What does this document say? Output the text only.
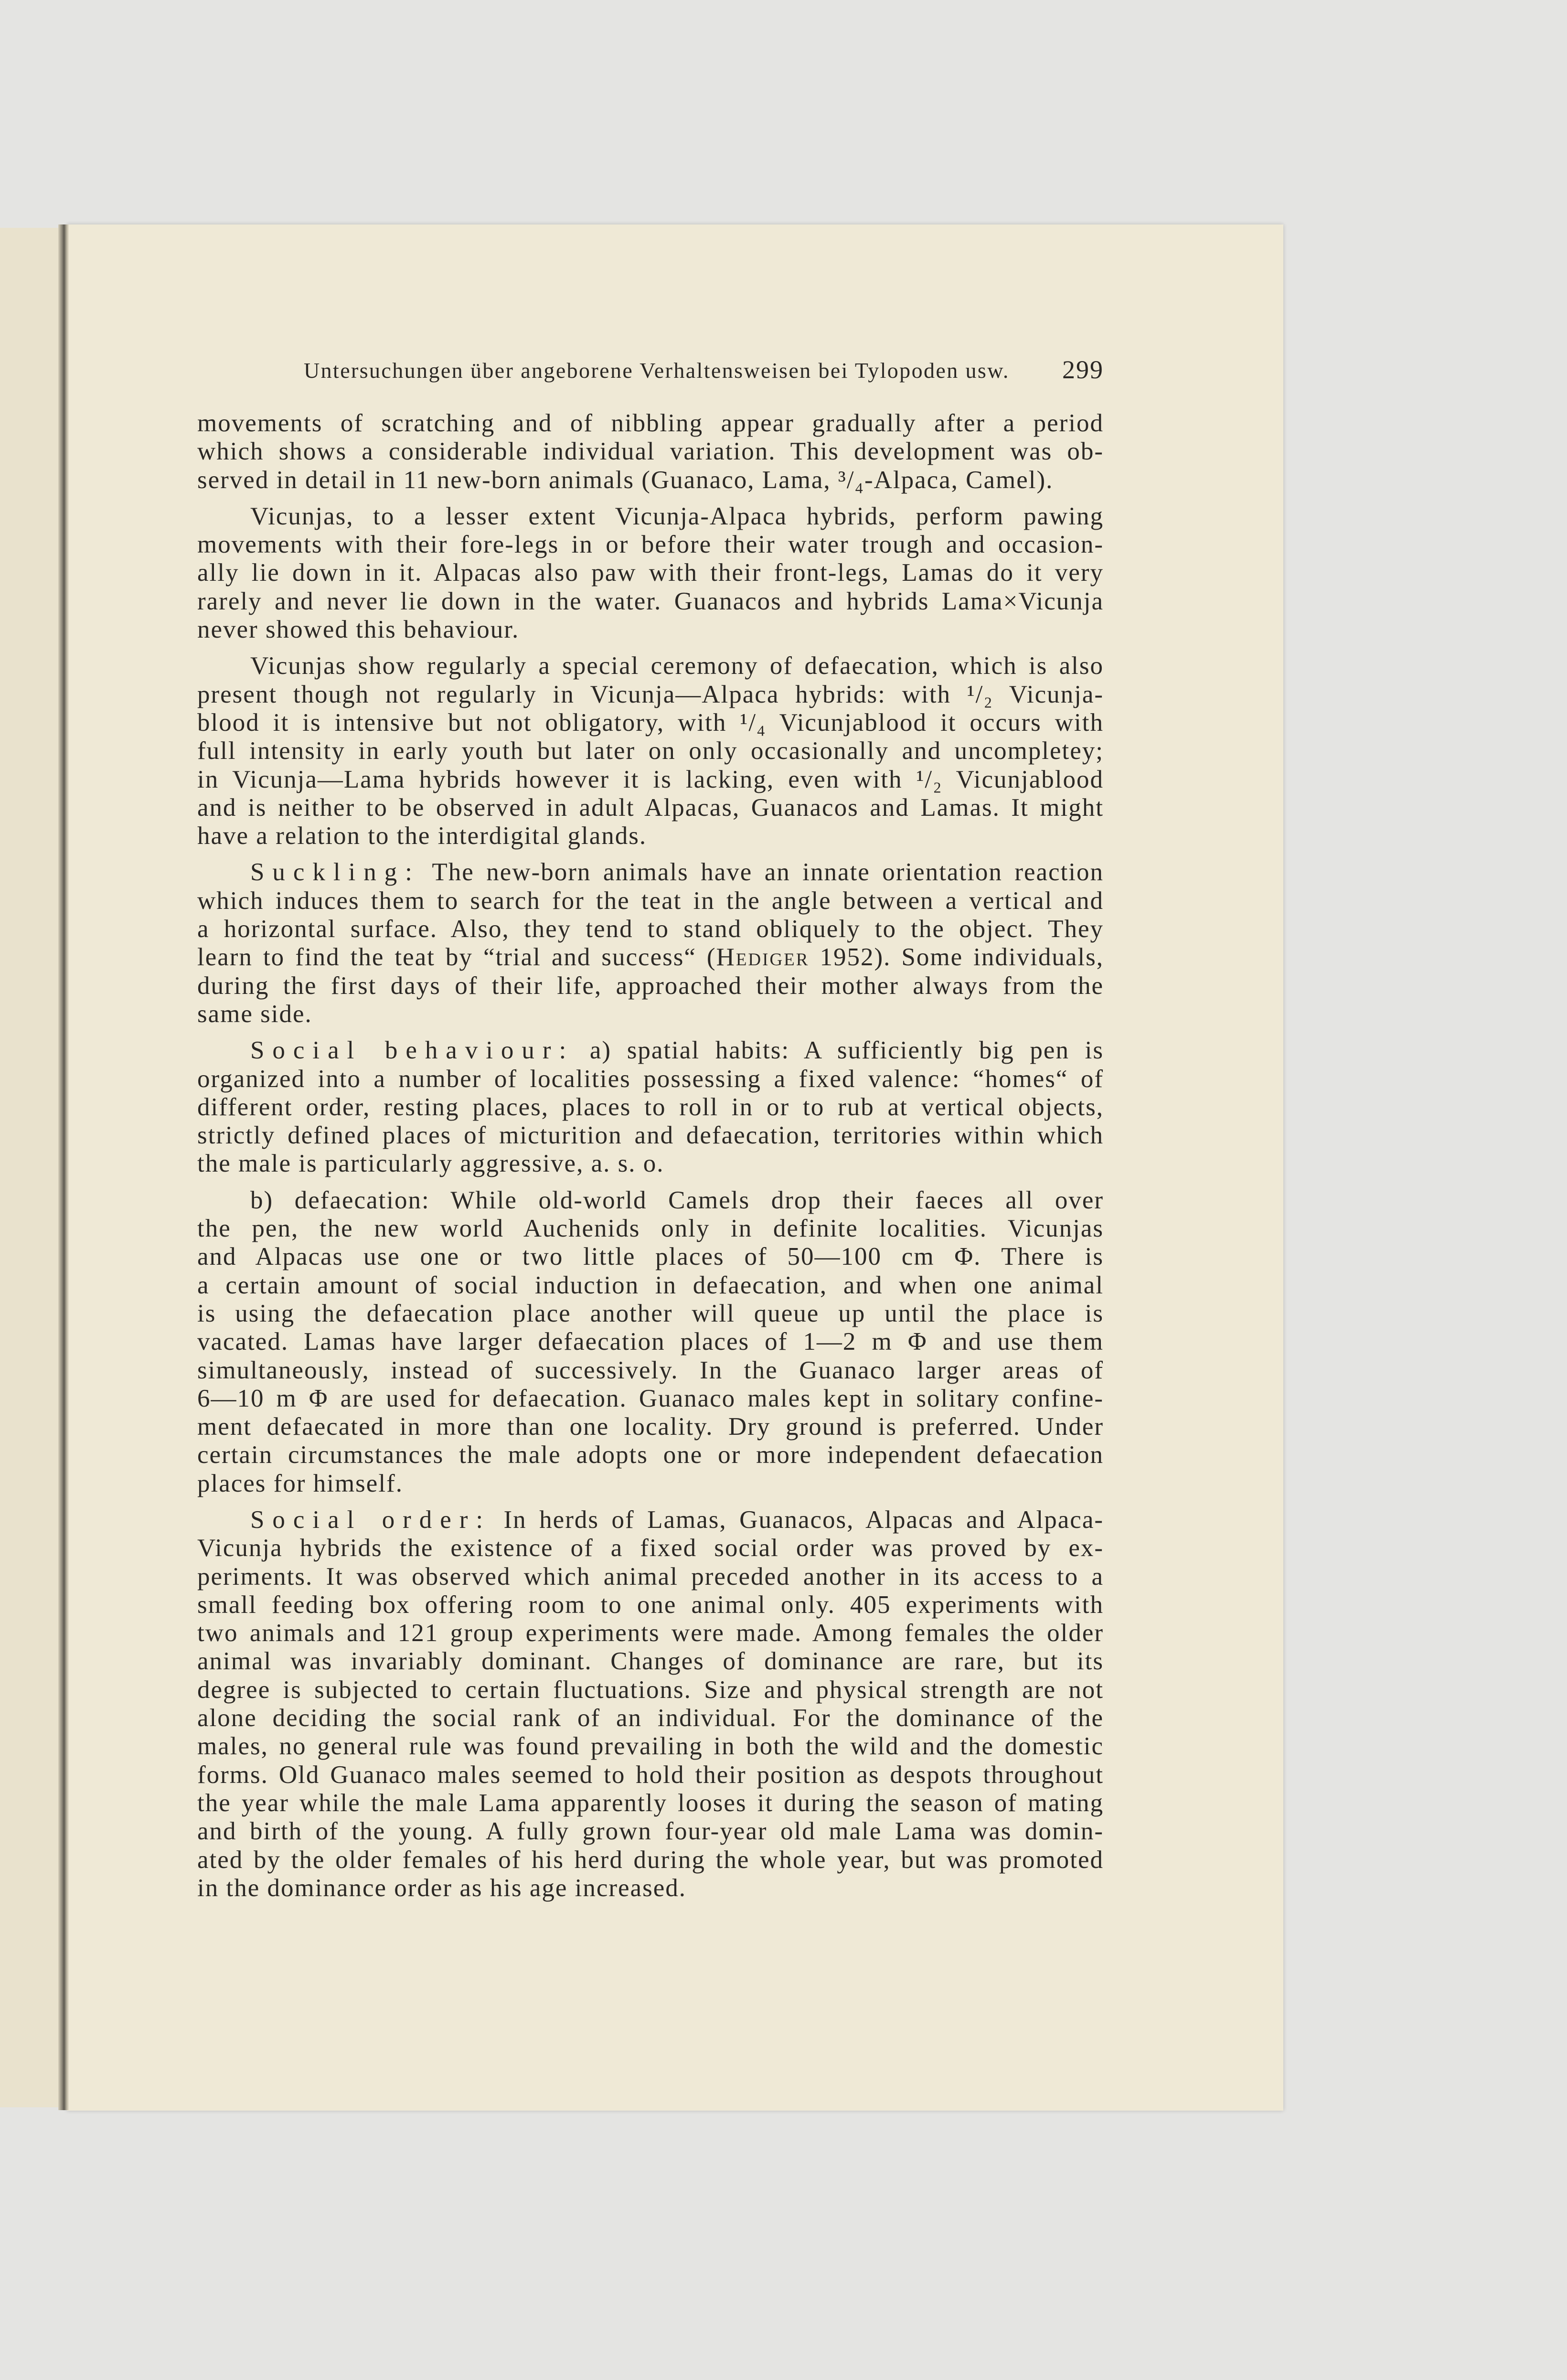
Untersuchungen über angeborene Verhaltensweisen bei Tylopoden usw.	299
movements of scratching and of nibbling appear gradually after a period
which shows a considerable individual variation. This development was ob-
served in detail in 11 new-born animals (Guanaco, Lama, ³/₄-Alpaca, Camel).
Vicunjas, to a lesser extent Vicunja-Alpaca hybrids, perform pawing
movements with their fore-legs in or before their water trough and occasion-
ally lie down in it. Alpacas also paw with their front-legs, Lamas do it very
rarely and never lie down in the water. Guanacos and hybrids Lama×Vicunja
never showed this behaviour.
Vicunjas show regularly a special ceremony of defaecation, which is also
present though not regularly in Vicunja—Alpaca hybrids: with ¹/₂ Vicunja-
blood it is intensive but not obligatory, with ¹/₄ Vicunjablood it occurs with
full intensity in early youth but later on only occasionally and uncompletey;
in Vicunja—Lama hybrids however it is lacking, even with ¹/₂ Vicunjablood
and is neither to be observed in adult Alpacas, Guanacos and Lamas. It might
have a relation to the interdigital glands.
Suckling: The new-born animals have an innate orientation reaction
which induces them to search for the teat in the angle between a vertical and
a horizontal surface. Also, they tend to stand obliquely to the object. They
learn to find the teat by “trial and success“ (Hediger 1952). Some individuals,
during the first days of their life, approached their mother always from the
same side.
Social behaviour: a) spatial habits: A sufficiently big pen is
organized into a number of localities possessing a fixed valence: “homes“ of
different order, resting places, places to roll in or to rub at vertical objects,
strictly defined places of micturition and defaecation, territories within which
the male is particularly aggressive, a. s. o.
b) defaecation: While old-world Camels drop their faeces all over
the pen, the new world Auchenids only in definite localities. Vicunjas
and Alpacas use one or two little places of 50—100 cm Φ. There is
a certain amount of social induction in defaecation, and when one animal
is using the defaecation place another will queue up until the place is
vacated. Lamas have larger defaecation places of 1—2 m Φ and use them
simultaneously, instead of successively. In the Guanaco larger areas of
6—10 m Φ are used for defaecation. Guanaco males kept in solitary confine-
ment defaecated in more than one locality. Dry ground is preferred. Under
certain circumstances the male adopts one or more independent defaecation
places for himself.
Social order: In herds of Lamas, Guanacos, Alpacas and Alpaca-
Vicunja hybrids the existence of a fixed social order was proved by ex-
periments. It was observed which animal preceded another in its access to a
small feeding box offering room to one animal only. 405 experiments with
two animals and 121 group experiments were made. Among females the older
animal was invariably dominant. Changes of dominance are rare, but its
degree is subjected to certain fluctuations. Size and physical strength are not
alone deciding the social rank of an individual. For the dominance of the
males, no general rule was found prevailing in both the wild and the domestic
forms. Old Guanaco males seemed to hold their position as despots throughout
the year while the male Lama apparently looses it during the season of mating
and birth of the young. A fully grown four-year old male Lama was domin-
ated by the older females of his herd during the whole year, but was promoted
in the dominance order as his age increased.
